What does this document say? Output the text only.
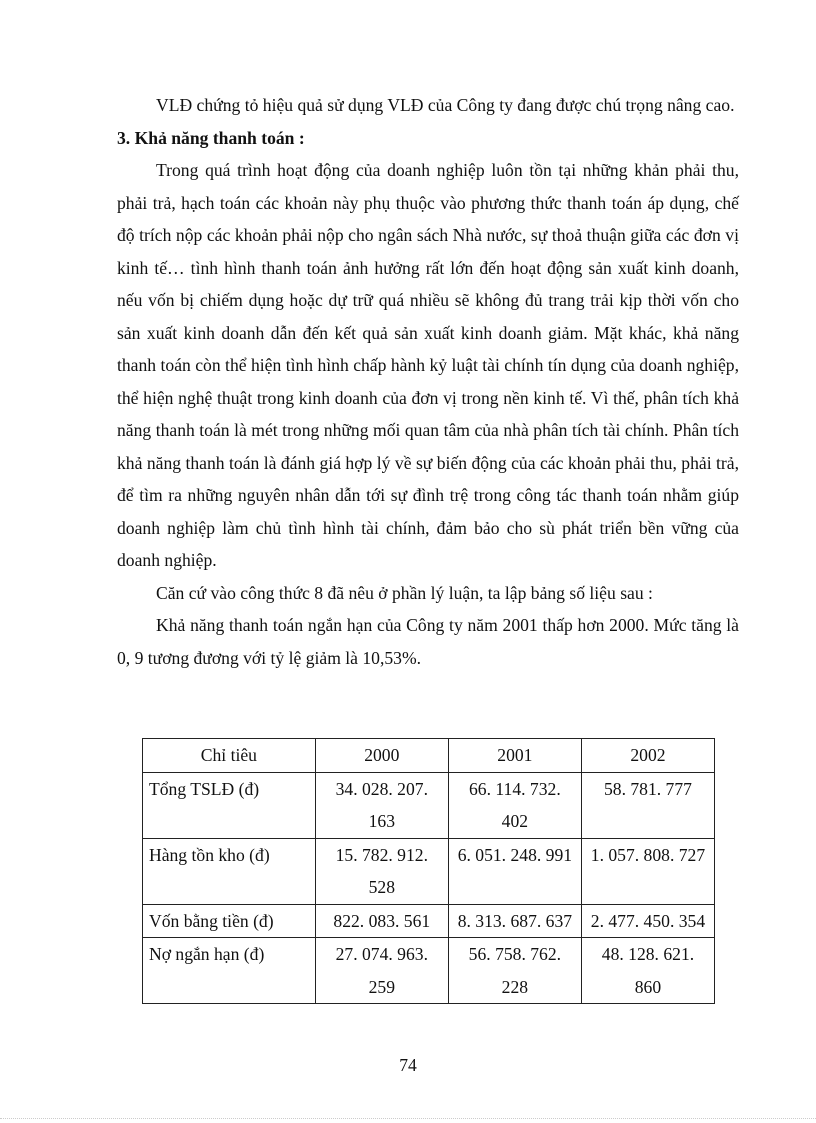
VLĐ chứng tỏ hiệu quả sử dụng VLĐ của Công ty đang được chú trọng nâng cao.

3. Khả năng thanh toán :

Trong quá trình hoạt động của doanh nghiệp luôn tồn tại những khản phải thu, phải trả, hạch toán các khoản này phụ thuộc vào phương thức thanh toán áp dụng, chế độ trích nộp các khoản phải nộp cho ngân sách Nhà nước, sự thoả thuận giữa các đơn vị kinh tế… tình hình thanh toán ảnh hưởng rất lớn đến hoạt động sản xuất kinh doanh, nếu vốn bị chiếm dụng hoặc dự trữ quá nhiều sẽ không đủ trang trải kịp thời vốn cho sản xuất kinh doanh dẫn đến kết quả sản xuất kinh doanh giảm. Mặt khác, khả năng thanh toán còn thể hiện tình hình chấp hành kỷ luật tài chính tín dụng của doanh nghiệp, thể hiện nghệ thuật trong kinh doanh của đơn vị trong nền kinh tế. Vì thế, phân tích khả năng thanh toán là mét trong những mối quan tâm của nhà phân tích tài chính. Phân tích khả năng thanh toán là đánh giá hợp lý về sự biến động của các khoản phải thu, phải trả, để tìm ra những nguyên nhân dẫn tới sự đình trệ trong công tác thanh toán nhằm giúp doanh nghiệp làm chủ tình hình tài chính, đảm bảo cho sù phát triển bền vững của doanh nghiệp.

Căn cứ vào công thức 8 đã nêu ở phần lý luận, ta lập bảng số liệu sau :

Khả năng thanh toán ngắn hạn của Công ty năm 2001 thấp hơn 2000. Mức tăng là 0, 9 tương đương với tỷ lệ giảm là 10,53%.

Chỉ tiêu	2000	2001	2002
Tổng TSLĐ (đ)	34. 028. 207. 163	66. 114. 732. 402	58. 781. 777
Hàng tồn kho (đ)	15. 782. 912. 528	6. 051. 248. 991	1. 057. 808. 727
Vốn bằng tiền (đ)	822. 083. 561	8. 313. 687. 637	2. 477. 450. 354
Nợ ngắn hạn (đ)	27. 074. 963. 259	56. 758. 762. 228	48. 128. 621. 860
74
